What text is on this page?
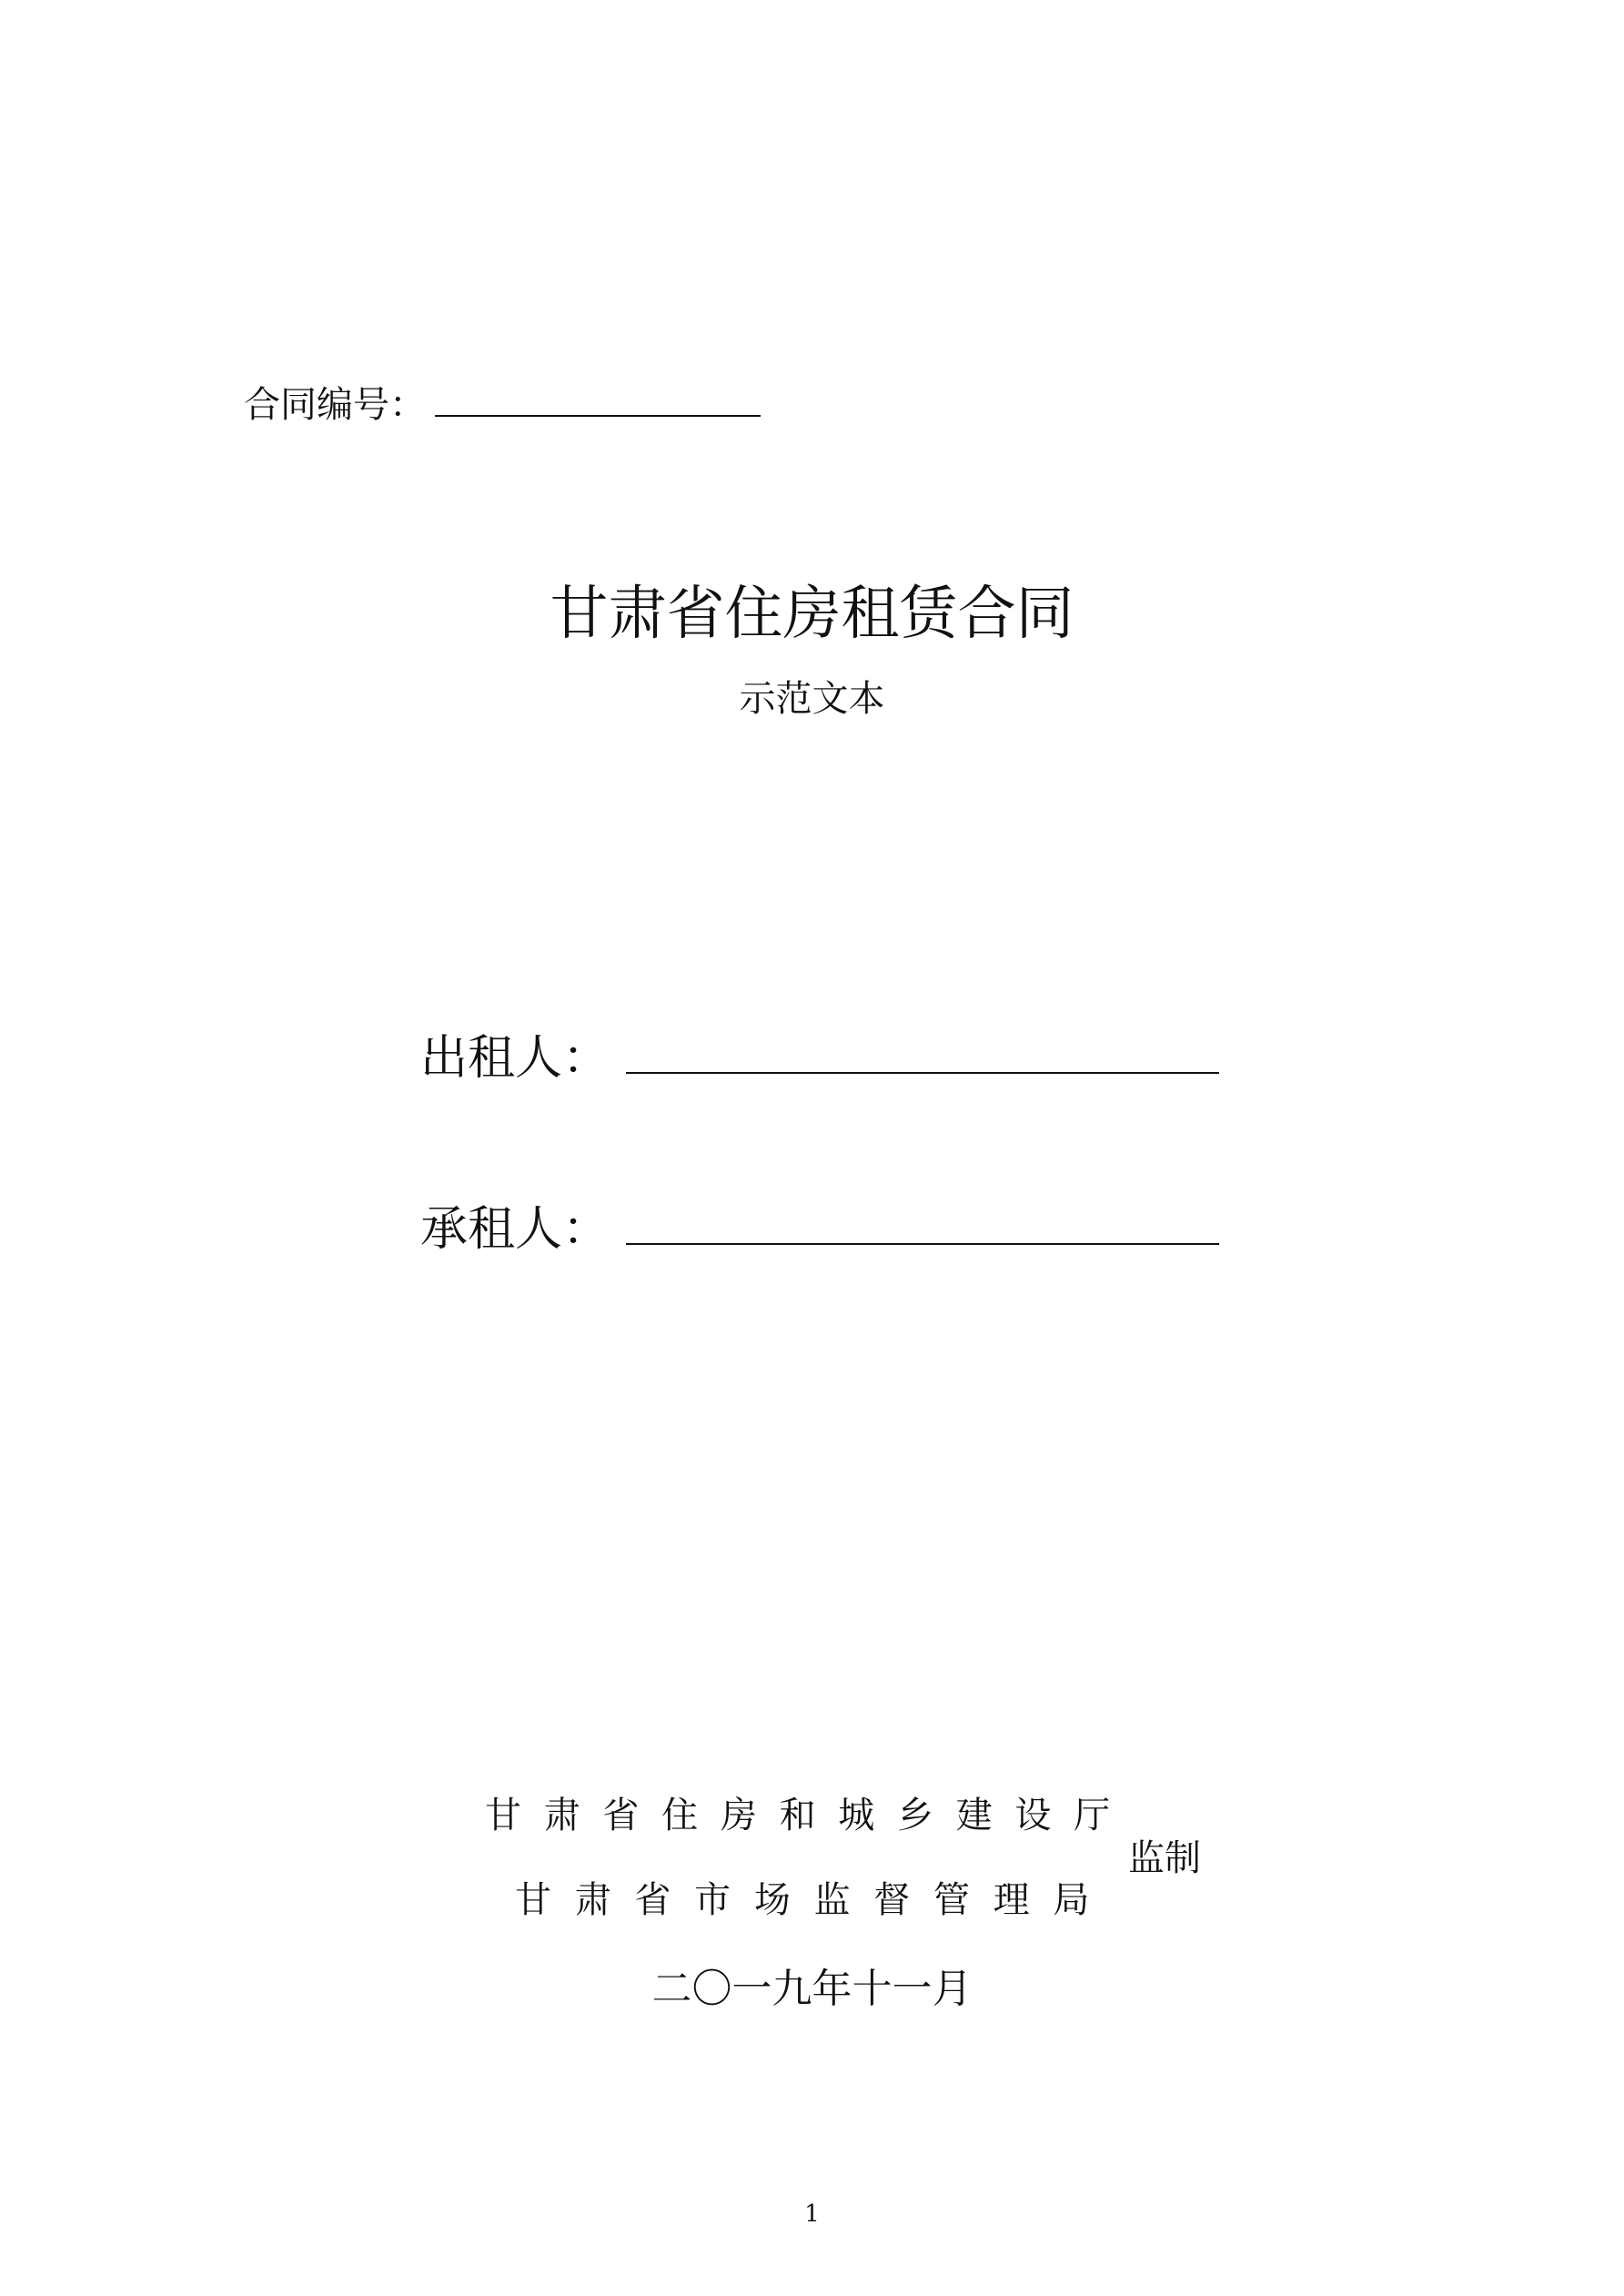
合同编号：
甘肃省住房租赁合同
示范文本
出租人：
承租人：
甘 肃 省 住 房 和 城 乡 建 设 厅
甘 肃 省 市 场 监 督 管 理 局
监制
二〇一九年十一月
1
